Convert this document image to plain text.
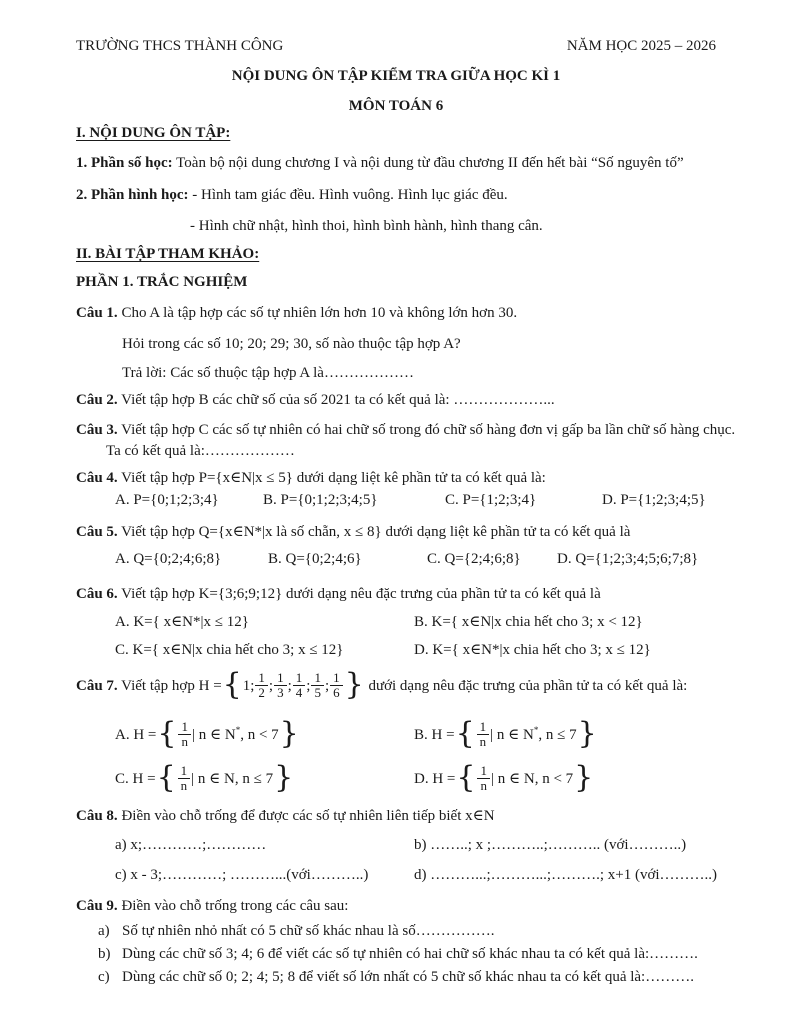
TRƯỜNG THCS THÀNH CÔNG	NĂM HỌC 2025 – 2026

NỘI DUNG ÔN TẬP KIỂM TRA GIỮA HỌC KÌ 1

MÔN TOÁN 6

I. NỘI DUNG ÔN TẬP:

1. Phần số học: Toàn bộ nội dung chương I và nội dung từ đầu chương II đến hết bài “Số nguyên tố”

2. Phần hình học: - Hình tam giác đều. Hình vuông. Hình lục giác đều.

- Hình chữ nhật, hình thoi, hình bình hành, hình thang cân.

II. BÀI TẬP THAM KHẢO:

PHẦN 1. TRẮC NGHIỆM

Câu 1. Cho A là tập hợp các số tự nhiên lớn hơn 10 và không lớn hơn 30.

Hỏi trong các số 10; 20; 29; 30, số nào thuộc tập hợp A?

Trả lời: Các số thuộc tập hợp A là………………

Câu 2. Viết tập hợp B các chữ số của số 2021 ta có kết quả là: ………………...

Câu 3. Viết tập hợp C các số tự nhiên có hai chữ số trong đó chữ số hàng đơn vị gấp ba lần chữ số hàng chục.

Ta có kết quả là:………………

Câu 4. Viết tập hợp P={x∈N|x ≤ 5} dưới dạng liệt kê phần tử ta có kết quả là:

A. P={0;1;2;3;4}	B. P={0;1;2;3;4;5}	C. P={1;2;3;4}	D. P={1;2;3;4;5}

Câu 5. Viết tập hợp Q={x∈N*|x là số chẵn, x ≤ 8} dưới dạng liệt kê phần tử ta có kết quả là

A. Q={0;2;4;6;8}	B. Q={0;2;4;6}	C. Q={2;4;6;8} D. Q={1;2;3;4;5;6;7;8}

Câu 6. Viết tập hợp K={3;6;9;12} dưới dạng nêu đặc trưng của phần tử ta có kết quả là

A. K={ x∈N*|x ≤ 12}	B. K={ x∈N|x chia hết cho 3; x < 12}
C. K={ x∈N|x chia hết cho 3; x ≤ 12}	D. K={ x∈N*|x chia hết cho 3; x ≤ 12}

Câu 7. Viết tập hợp H ={1; $\frac{1}{2}$ ; $\frac{1}{3}$ ; $\frac{1}{4}$ ; $\frac{1}{5}$ ; $\frac{1}{6}$ } dưới dạng nêu đặc trưng của phần tử ta có kết quả là:

A. H ={ $\frac{1}{n}$ | n ∈ N*, n < 7}	B. H ={ $\frac{1}{n}$ | n ∈ N*, n ≤ 7}
C. H ={ $\frac{1}{n}$ | n ∈ N, n ≤ 7}	D. H ={ $\frac{1}{n}$ | n ∈ N, n < 7}

Câu 8. Điền vào chỗ trống để được các số tự nhiên liên tiếp biết x∈N

a) x;…………;…………	b) ……..; x ;………..;……….. (với………..)
c) x - 3;…………; ………...(với………..)	d) ………...;………...;……….; x+1 (với………..)

Câu 9. Điền vào chỗ trống trong các câu sau:

a) Số tự nhiên nhỏ nhất có 5 chữ số khác nhau là số…………….
b) Dùng các chữ số 3; 4; 6 để viết các số tự nhiên có hai chữ số khác nhau ta có kết quả là:……….
c) Dùng các chữ số 0; 2; 4; 5; 8 để viết số lớn nhất có 5 chữ số khác nhau ta có kết quả là:……….
